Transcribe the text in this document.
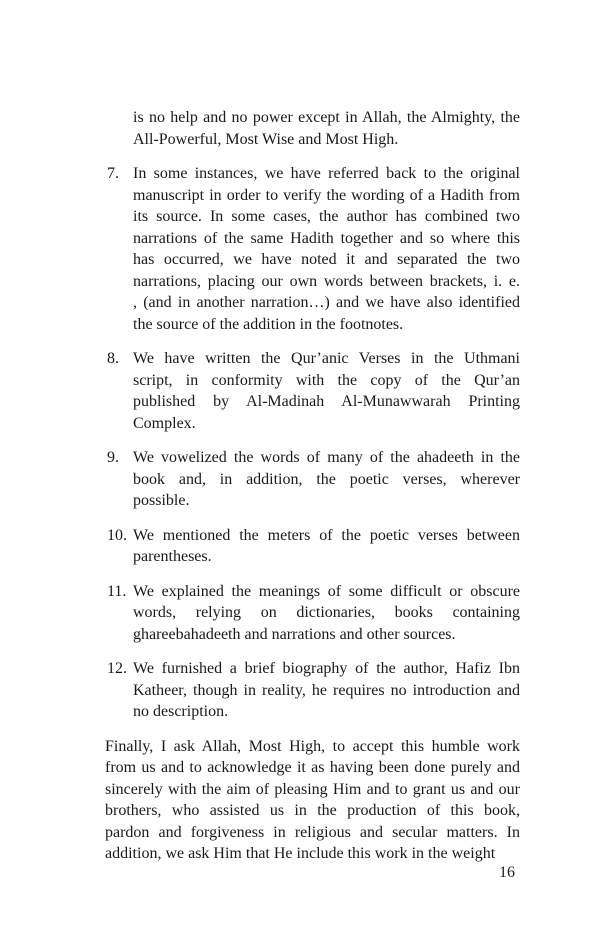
is no help and no power except in Allah, the Almighty, the
All-Powerful, Most Wise and Most High.
7. In some instances, we have referred back to the original
manuscript in order to verify the wording of a Hadith from
its source. In some cases, the author has combined two
narrations of the same Hadith together and so where this
has occurred, we have noted it and separated the two
narrations, placing our own words between brackets, i. e.
, (and in another narration…) and we have also identified
the source of the addition in the footnotes.
8. We have written the Qur’anic Verses in the Uthmani
script, in conformity with the copy of the Qur’an
published by Al-Madinah Al-Munawwarah Printing
Complex.
9. We vowelized the words of many of the ahadeeth in the
book and, in addition, the poetic verses, wherever
possible.
10. We mentioned the meters of the poetic verses between
parentheses.
11. We explained the meanings of some difficult or obscure
words, relying on dictionaries, books containing
ghareebahadeeth and narrations and other sources.
12. We furnished a brief biography of the author, Hafiz Ibn
Katheer, though in reality, he requires no introduction and
no description.
Finally, I ask Allah, Most High, to accept this humble work
from us and to acknowledge it as having been done purely and
sincerely with the aim of pleasing Him and to grant us and our
brothers, who assisted us in the production of this book,
pardon and forgiveness in religious and secular matters. In
addition, we ask Him that He include this work in the weight
16
